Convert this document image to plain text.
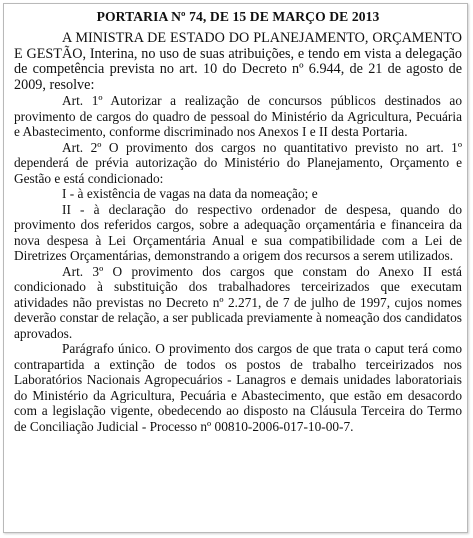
PORTARIA Nº 74, DE 15 DE MARÇO DE 2013

A MINISTRA DE ESTADO DO PLANEJAMENTO, ORÇAMENTO E GESTÃO, Interina, no uso de suas atribuições, e tendo em vista a delegação de competência prevista no art. 10 do Decreto nº 6.944, de 21 de agosto de 2009, resolve:

Art. 1º Autorizar a realização de concursos públicos destinados ao provimento de cargos do quadro de pessoal do Ministério da Agricultura, Pecuária e Abastecimento, conforme discriminado nos Anexos I e II desta Portaria.

Art. 2º O provimento dos cargos no quantitativo previsto no art. 1º dependerá de prévia autorização do Ministério do Planejamento, Orçamento e Gestão e está condicionado:

I - à existência de vagas na data da nomeação; e

II - à declaração do respectivo ordenador de despesa, quando do provimento dos referidos cargos, sobre a adequação orçamentária e financeira da nova despesa à Lei Orçamentária Anual e sua compatibilidade com a Lei de Diretrizes Orçamentárias, demonstrando a origem dos recursos a serem utilizados.

Art. 3º O provimento dos cargos que constam do Anexo II está condicionado à substituição dos trabalhadores terceirizados que executam atividades não previstas no Decreto nº 2.271, de 7 de julho de 1997, cujos nomes deverão constar de relação, a ser publicada previamente à nomeação dos candidatos aprovados.

Parágrafo único. O provimento dos cargos de que trata o caput terá como contrapartida a extinção de todos os postos de trabalho terceirizados nos Laboratórios Nacionais Agropecuários - Lanagros e demais unidades laboratoriais do Ministério da Agricultura, Pecuária e Abastecimento, que estão em desacordo com a legislação vigente, obedecendo ao disposto na Cláusula Terceira do Termo de Conciliação Judicial - Processo nº 00810-2006-017-10-00-7.
